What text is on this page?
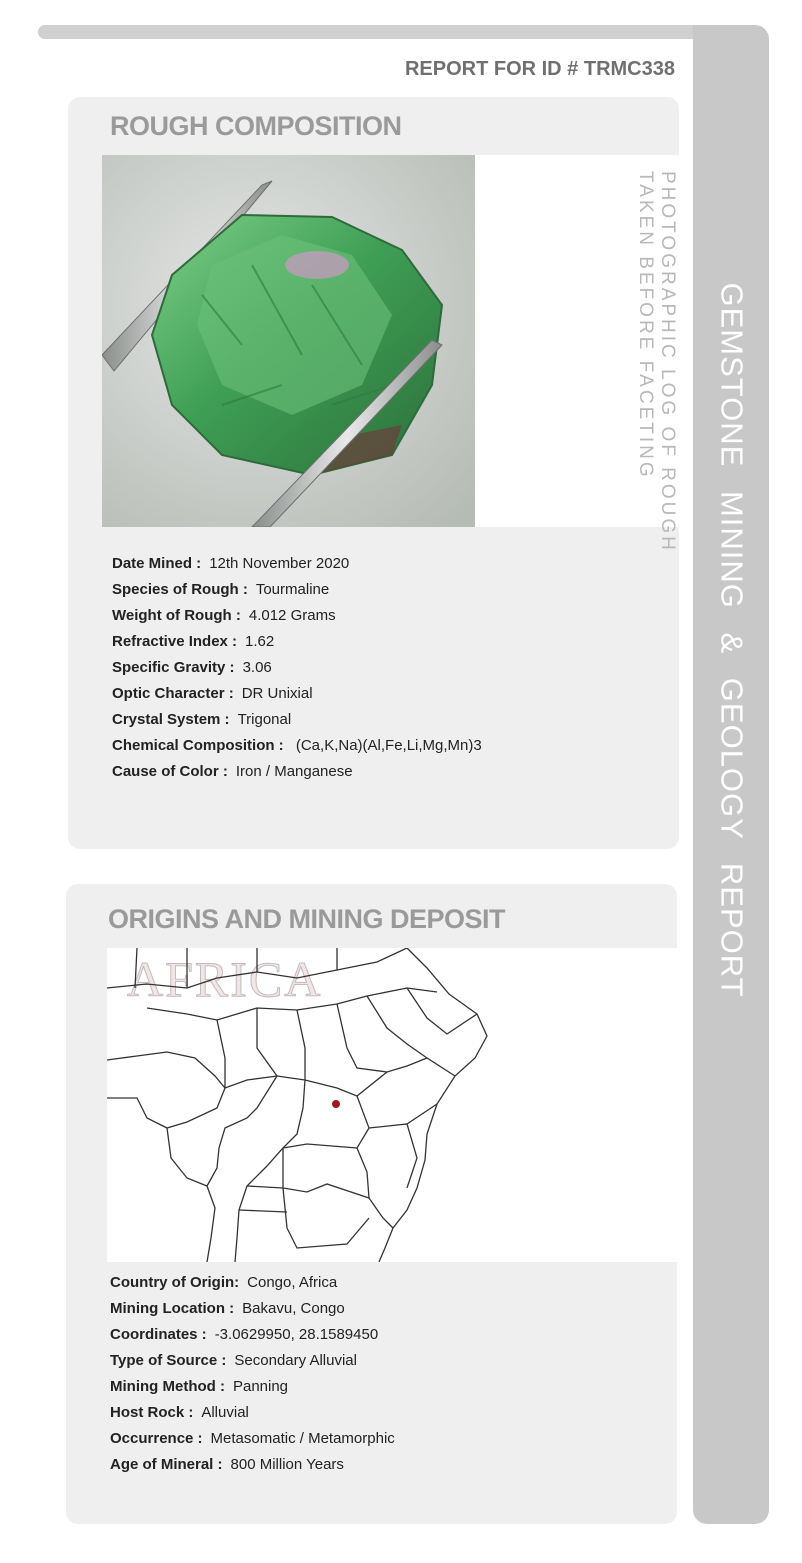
GEMSTONE MINING & GEOLOGY REPORT
REPORT FOR ID # TRMC338
ROUGH COMPOSITION
PHOTOGRAPHIC LOG OF ROUGH
TAKEN BEFORE FACETING
Date Mined : 12th November 2020
Species of Rough : Tourmaline
Weight of Rough : 4.012 Grams
Refractive Index : 1.62
Specific Gravity : 3.06
Optic Character : DR Unixial
Crystal System : Trigonal
Chemical Composition : (Ca,K,Na)(Al,Fe,Li,Mg,Mn)3
Cause of Color : Iron / Manganese
ORIGINS AND MINING DEPOSIT
AFRICA
Country of Origin: Congo, Africa
Mining Location : Bakavu, Congo
Coordinates : -3.0629950, 28.1589450
Type of Source : Secondary Alluvial
Mining Method : Panning
Host Rock : Alluvial
Occurrence : Metasomatic / Metamorphic
Age of Mineral : 800 Million Years
